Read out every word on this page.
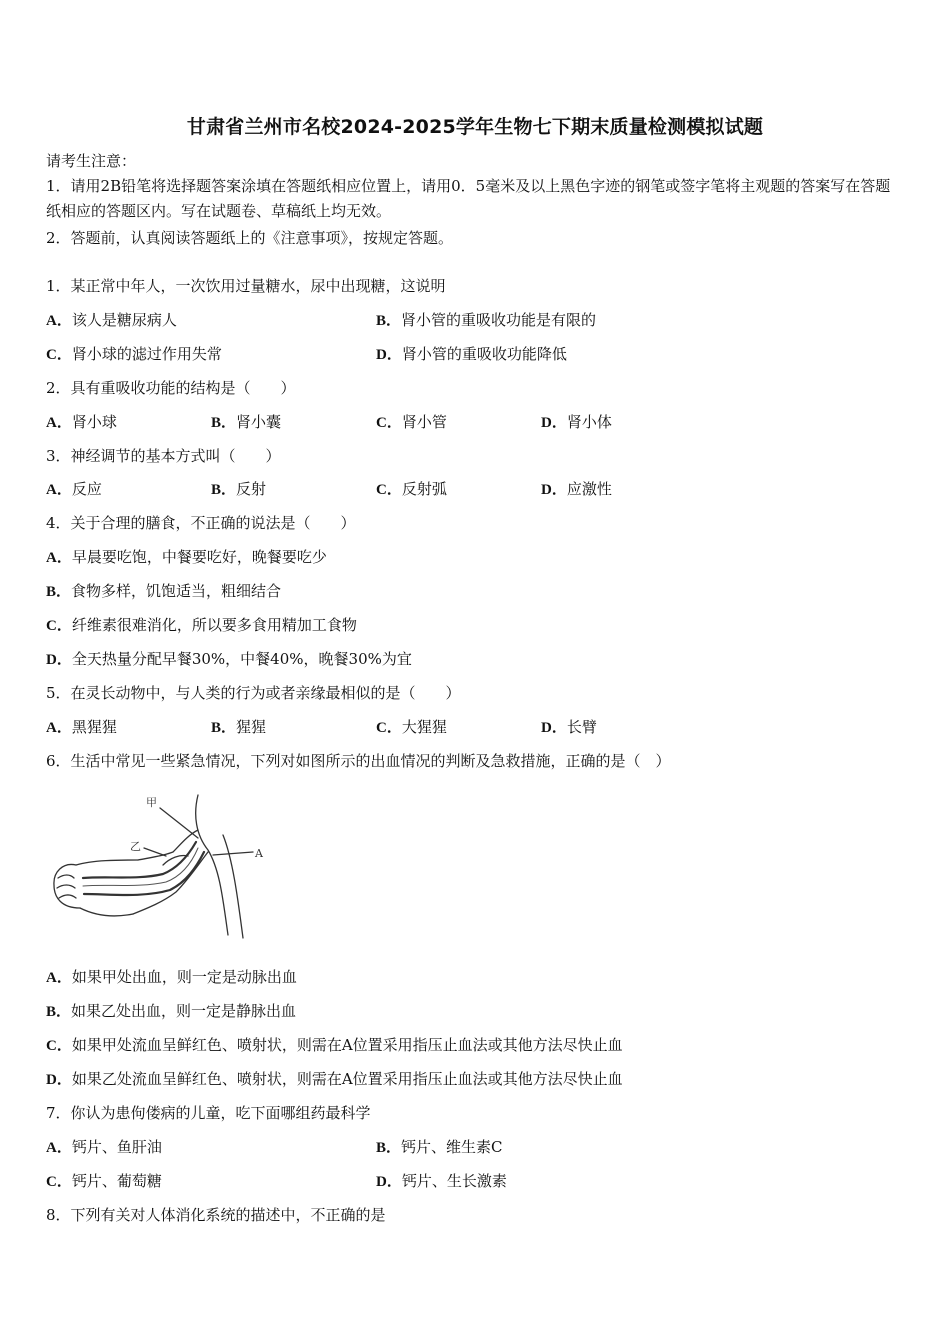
甘肃省兰州市名校2024-2025学年生物七下期末质量检测模拟试题
请考生注意：
1．请用2B铅笔将选择题答案涂填在答题纸相应位置上，请用0．5毫米及以上黑色字迹的钢笔或签字笔将主观题的答案写在答题纸相应的答题区内。写在试题卷、草稿纸上均无效。
2．答题前，认真阅读答题纸上的《注意事项》，按规定答题。
1．某正常中年人，一次饮用过量糖水，尿中出现糖，这说明
A．该人是糖尿病人	B．肾小管的重吸收功能是有限的
C．肾小球的滤过作用失常	D．肾小管的重吸收功能降低
2．具有重吸收功能的结构是（　　）
A．肾小球	B．肾小囊	C．肾小管	D．肾小体
3．神经调节的基本方式叫（　　）
A．反应	B．反射	C．反射弧	D．应激性
4．关于合理的膳食，不正确的说法是（　　）
A．早晨要吃饱，中餐要吃好，晚餐要吃少
B．食物多样，饥饱适当，粗细结合
C．纤维素很难消化，所以要多食用精加工食物
D．全天热量分配早餐30%，中餐40%，晚餐30%为宜
5．在灵长动物中，与人类的行为或者亲缘最相似的是（　　）
A．黑猩猩	B．猩猩	C．大猩猩	D．长臂
6．生活中常见一些紧急情况，下列对如图所示的出血情况的判断及急救措施，正确的是（　）
甲
乙
A
A．如果甲处出血，则一定是动脉出血
B．如果乙处出血，则一定是静脉出血
C．如果甲处流血呈鲜红色、喷射状，则需在A位置采用指压止血法或其他方法尽快止血
D．如果乙处流血呈鲜红色、喷射状，则需在A位置采用指压止血法或其他方法尽快止血
7．你认为患佝偻病的儿童，吃下面哪组药最科学
A．钙片、鱼肝油	B．钙片、维生素C
C．钙片、葡萄糖	D．钙片、生长激素
8．下列有关对人体消化系统的描述中，不正确的是
